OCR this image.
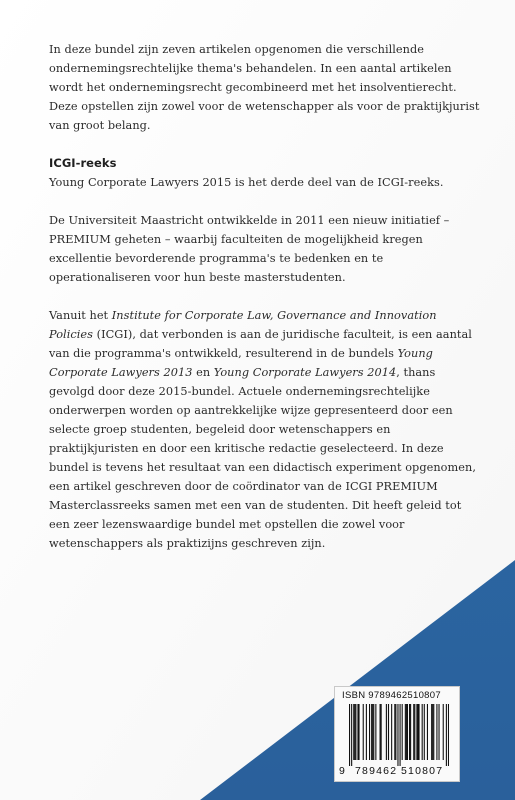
In deze bundel zijn zeven artikelen opgenomen die verschillende ondernemingsrechtelijke thema's behandelen. In een aantal artikelen wordt het ondernemingsrecht gecombineerd met het insolventierecht. Deze opstellen zijn zowel voor de wetenschapper als voor de praktijkjurist van groot belang.

ICGI-reeks

Young Corporate Lawyers 2015 is het derde deel van de ICGI-reeks.

De Universiteit Maastricht ontwikkelde in 2011 een nieuw initiatief – PREMIUM geheten – waarbij faculteiten de mogelijkheid kregen excellentie bevorderende programma's te bedenken en te operationaliseren voor hun beste masterstudenten.

Vanuit het Institute for Corporate Law, Governance and Innovation Policies (ICGI), dat verbonden is aan de juridische faculteit, is een aantal van die programma's ontwikkeld, resulterend in de bundels Young Corporate Lawyers 2013 en Young Corporate Lawyers 2014, thans gevolgd door deze 2015-bundel. Actuele ondernemingsrechtelijke onderwerpen worden op aantrekkelijke wijze gepresenteerd door een selecte groep studenten, begeleid door wetenschappers en praktijkjuristen en door een kritische redactie geselecteerd. In deze bundel is tevens het resultaat van een didactisch experiment opgenomen, een artikel geschreven door de coördinator van de ICGI PREMIUM Masterclassreeks samen met een van de studenten. Dit heeft geleid tot een zeer lezenswaardige bundel met opstellen die zowel voor wetenschappers als praktizijns geschreven zijn.

ISBN 9789462510807
9 789462 510807
